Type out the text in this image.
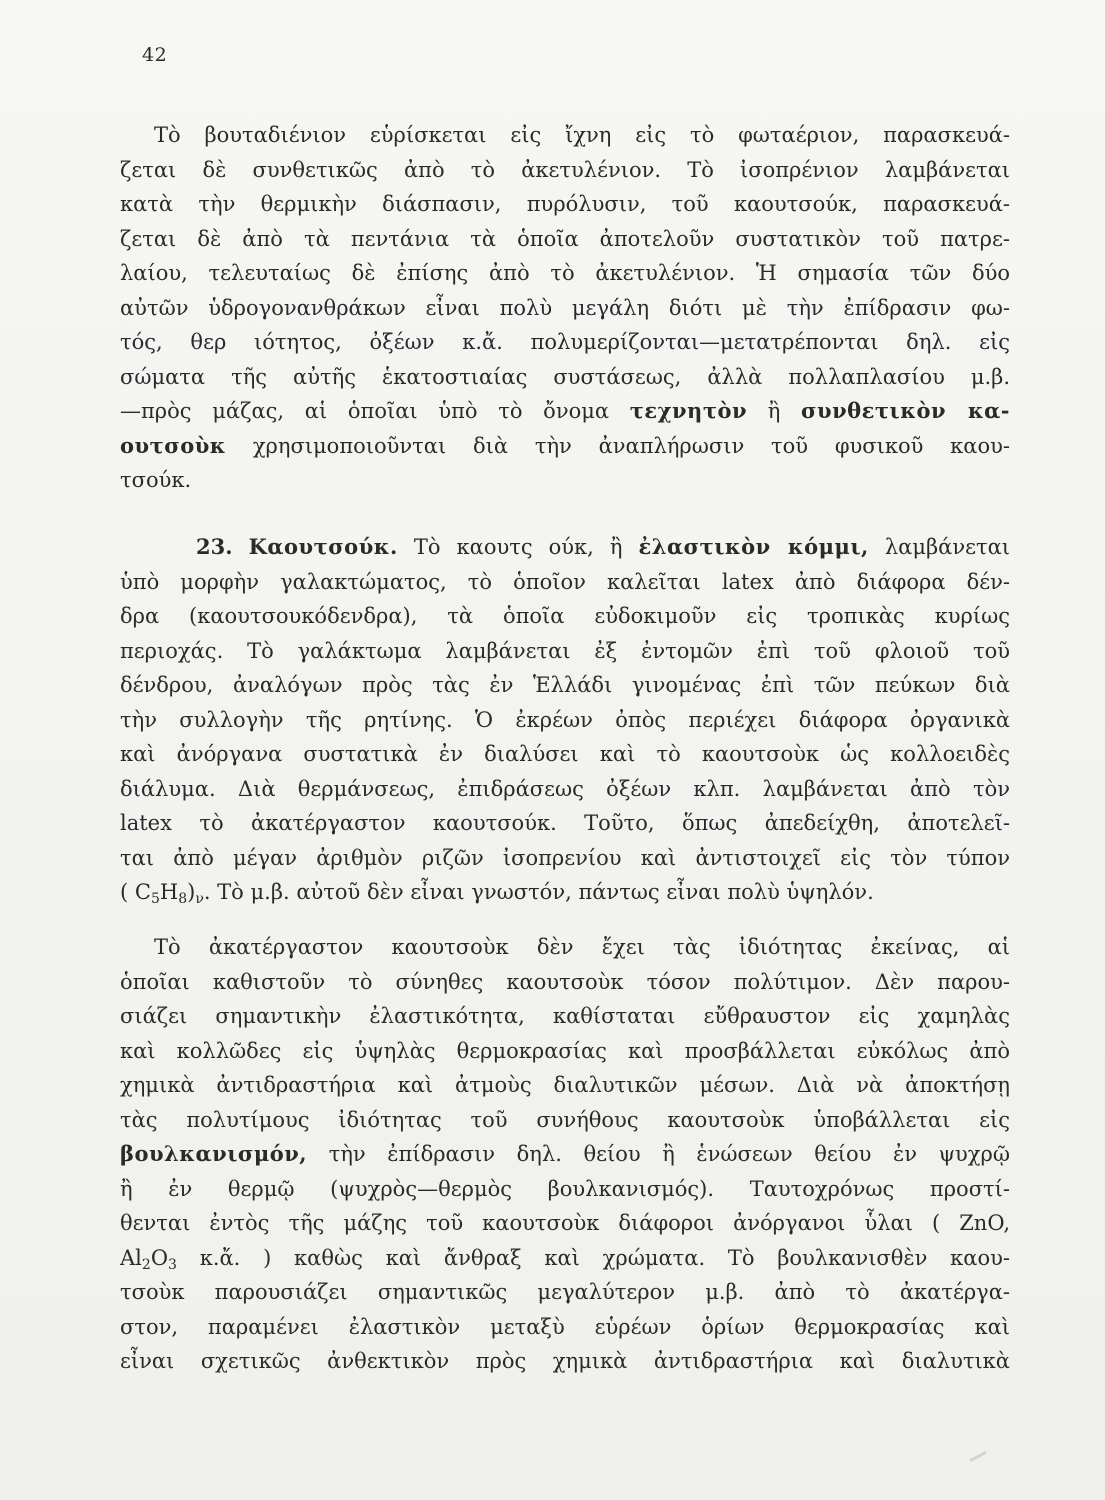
42
Τὸ βουταδιένιον εὑρίσκεται εἰς ἴχνη εἰς τὸ φωταέριον, παρασκευά-
ζεται δὲ συνθετικῶς ἀπὸ τὸ ἀκετυλένιον. Τὸ ἰσοπρένιον λαμβάνεται
κατὰ τὴν θερμικὴν διάσπασιν, πυρόλυσιν, τοῦ καουτσούκ, παρασκευά-
ζεται δὲ ἀπὸ τὰ πεντάνια τὰ ὁποῖα ἀποτελοῦν συστατικὸν τοῦ πατρε-
λαίου, τελευταίως δὲ ἐπίσης ἀπὸ τὸ ἀκετυλένιον. Ἡ σημασία τῶν δύο
αὐτῶν ὑδρογονανθράκων εἶναι πολὺ μεγάλη διότι μὲ τὴν ἐπίδρασιν φω-
τός, θερ ιότητος, ὀξέων κ.ἄ. πολυμερίζονται—μετατρέπονται δηλ. εἰς
σώματα τῆς αὐτῆς ἑκατοστιαίας συστάσεως, ἀλλὰ πολλαπλασίου μ.β.
—πρὸς μάζας, αἱ ὁποῖαι ὑπὸ τὸ ὄνομα τεχνητὸν ἢ συνθετικὸν κα-
ουτσοὺκ χρησιμοποιοῦνται διὰ τὴν ἀναπλήρωσιν τοῦ φυσικοῦ καου-
τσούκ.
23. Καουτσούκ. Τὸ καουτς ούκ, ἢ ἐλαστικὸν κόμμι, λαμβάνεται
ὑπὸ μορφὴν γαλακτώματος, τὸ ὁποῖον καλεῖται latex ἀπὸ διάφορα δέν-
δρα (καουτσουκόδενδρα), τὰ ὁποῖα εὐδοκιμοῦν εἰς τροπικὰς κυρίως
περιοχάς. Τὸ γαλάκτωμα λαμβάνεται ἐξ ἐντομῶν ἐπὶ τοῦ φλοιοῦ τοῦ
δένδρου, ἀναλόγων πρὸς τὰς ἐν Ἑλλάδι γινομένας ἐπὶ τῶν πεύκων διὰ
τὴν συλλογὴν τῆς ρητίνης. Ὁ ἐκρέων ὀπὸς περιέχει διάφορα ὀργανικὰ
καὶ ἀνόργανα συστατικὰ ἐν διαλύσει καὶ τὸ καουτσοὺκ ὡς κολλοειδὲς
διάλυμα. Διὰ θερμάνσεως, ἐπιδράσεως ὀξέων κλπ. λαμβάνεται ἀπὸ τὸν
latex τὸ ἀκατέργαστον καουτσούκ. Τοῦτο, ὅπως ἀπεδείχθη, ἀποτελεῖ-
ται ἀπὸ μέγαν ἀριθμὸν ριζῶν ἰσοπρενίου καὶ ἀντιστοιχεῖ εἰς τὸν τύπον
( $C_5H_8)_\nu$. Τὸ μ.β. αὐτοῦ δὲν εἶναι γνωστόν, πάντως εἶναι πολὺ ὑψηλόν.
Τὸ ἀκατέργαστον καουτσοὺκ δὲν ἔχει τὰς ἰδιότητας ἐκείνας, αἱ
ὁποῖαι καθιστοῦν τὸ σύνηθες καουτσοὺκ τόσον πολύτιμον. Δὲν παρου-
σιάζει σημαντικὴν ἐλαστικότητα, καθίσταται εὔθραυστον εἰς χαμηλὰς
καὶ κολλῶδες εἰς ὑψηλὰς θερμοκρασίας καὶ προσβάλλεται εὐκόλως ἀπὸ
χημικὰ ἀντιδραστήρια καὶ ἀτμοὺς διαλυτικῶν μέσων. Διὰ νὰ ἀποκτήσῃ
τὰς πολυτίμους ἰδιότητας τοῦ συνήθους καουτσοὺκ ὑποβάλλεται εἰς
βουλκανισμόν, τὴν ἐπίδρασιν δηλ. θείου ἢ ἑνώσεων θείου ἐν ψυχρῷ
ἢ ἐν θερμῷ (ψυχρὸς—θερμὸς βουλκανισμός). Ταυτοχρόνως προστί-
θενται ἐντὸς τῆς μάζης τοῦ καουτσοὺκ διάφοροι ἀνόργανοι ὗλαι ( ZnO,
$Al_2O_3$ κ.ἄ. ) καθὼς καὶ ἄνθραξ καὶ χρώματα. Τὸ βουλκανισθὲν καου-
τσοὺκ παρουσιάζει σημαντικῶς μεγαλύτερον μ.β. ἀπὸ τὸ ἀκατέργα-
στον, παραμένει ἐλαστικὸν μεταξὺ εὑρέων ὁρίων θερμοκρασίας καὶ
εἶναι σχετικῶς ἀνθεκτικὸν πρὸς χημικὰ ἀντιδραστήρια καὶ διαλυτικὰ
